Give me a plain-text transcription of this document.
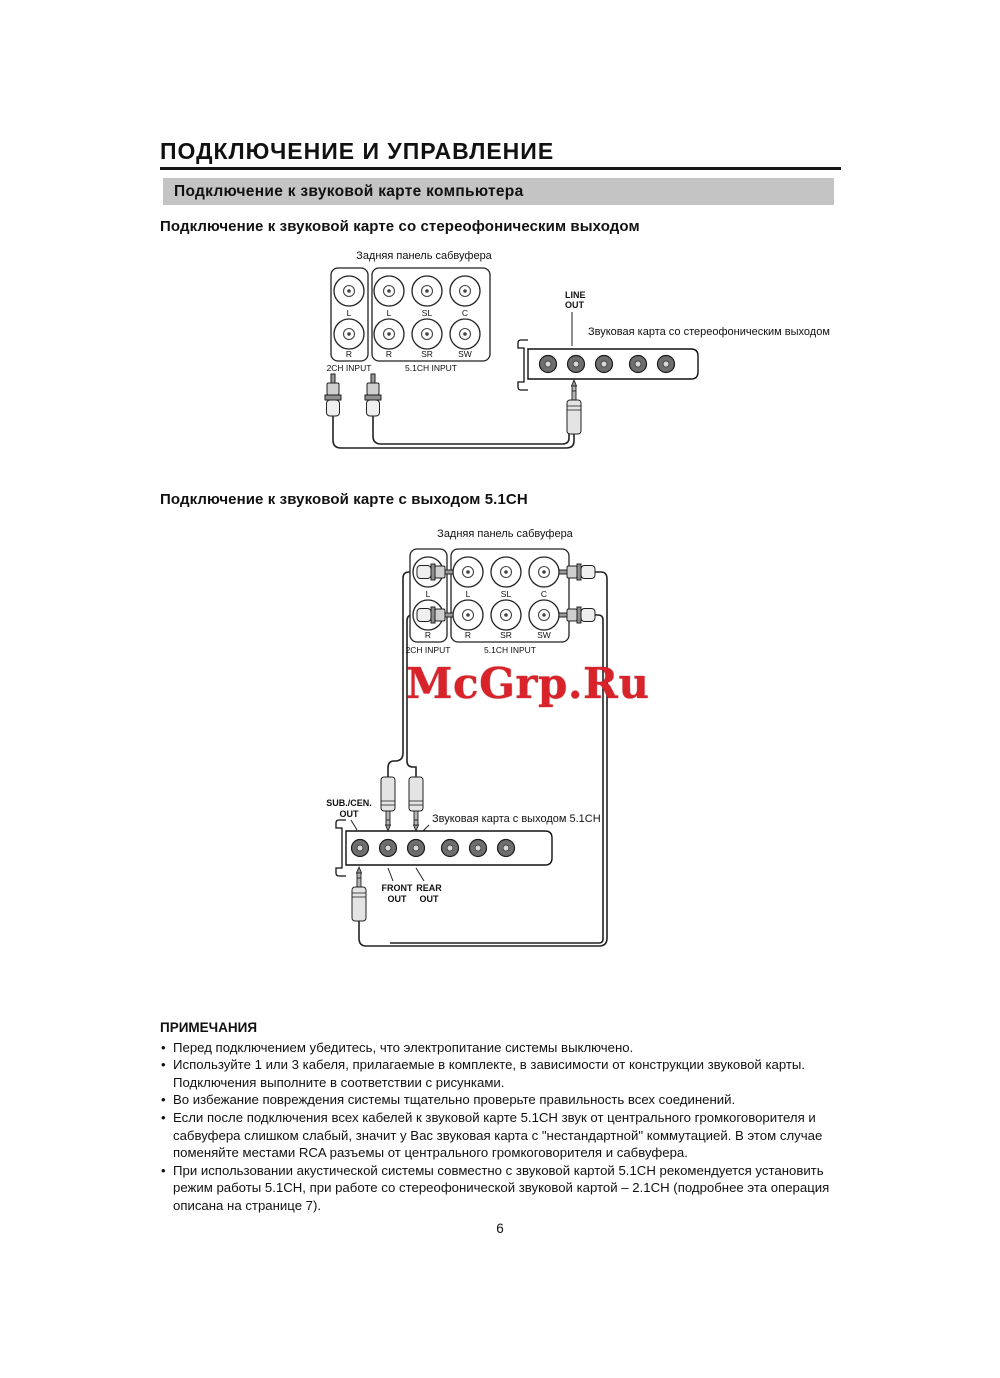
ПОДКЛЮЧЕНИЕ И УПРАВЛЕНИЕ
Подключение к звуковой карте компьютера
Подключение к звуковой карте со стереофоническим выходом
Задняя панель сабвуфера
L	L	SL	C
R	R	SR	SW
2CH INPUT	5.1CH INPUT
LINE
OUT
Звуковая карта со стереофоническим выходом
Подключение к звуковой карте с выходом 5.1CH
Задняя панель сабвуфера
L	L	SL	C
R	R	SR	SW
2CH INPUT	5.1CH INPUT
SUB./CEN.
OUT	Звуковая карта с выходом 5.1CH
FRONT
OUT
REAR
OUT
McGrp.Ru
ПРИМЕЧАНИЯ
• Перед подключением убедитесь, что электропитание системы выключено.
• Используйте 1 или 3 кабеля, прилагаемые в комплекте, в зависимости от конструкции звуковой карты. Подключения выполните в соответствии с рисунками.
• Во избежание повреждения системы тщательно проверьте правильность всех соединений.
• Если после подключения всех кабелей к звуковой карте 5.1CH звук от центрального громкоговорителя и сабвуфера слишком слабый, значит у Вас звуковая карта с "нестандартной" коммутацией. В этом случае поменяйте местами RCA разъемы от центрального громкоговорителя и сабвуфера.
• При использовании акустической системы совместно с звуковой картой 5.1CH рекомендуется установить режим работы 5.1CH, при работе со стереофонической звуковой картой – 2.1CH (подробнее эта операция описана на странице 7).
6
